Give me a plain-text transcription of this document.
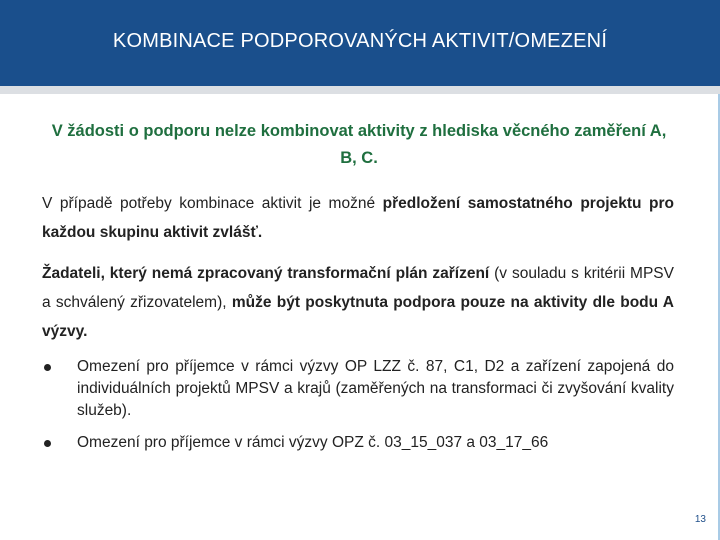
KOMBINACE PODPOROVANÝCH AKTIVIT/OMEZENÍ
V žádosti o podporu nelze kombinovat aktivity z hlediska věcného zaměření A, B, C.
V případě potřeby kombinace aktivit je možné předložení samostatného projektu pro každou skupinu aktivit zvlášť.
Žadateli, který nemá zpracovaný transformační plán zařízení (v souladu s kritérii MPSV a schválený zřizovatelem), může být poskytnuta podpora pouze na aktivity dle bodu A výzvy.
Omezení pro příjemce v rámci výzvy OP LZZ č. 87, C1, D2 a zařízení zapojená do individuálních projektů MPSV a krajů (zaměřených na transformaci či zvyšování kvality služeb).
Omezení pro příjemce v rámci výzvy OPZ č. 03_15_037 a 03_17_66
13
